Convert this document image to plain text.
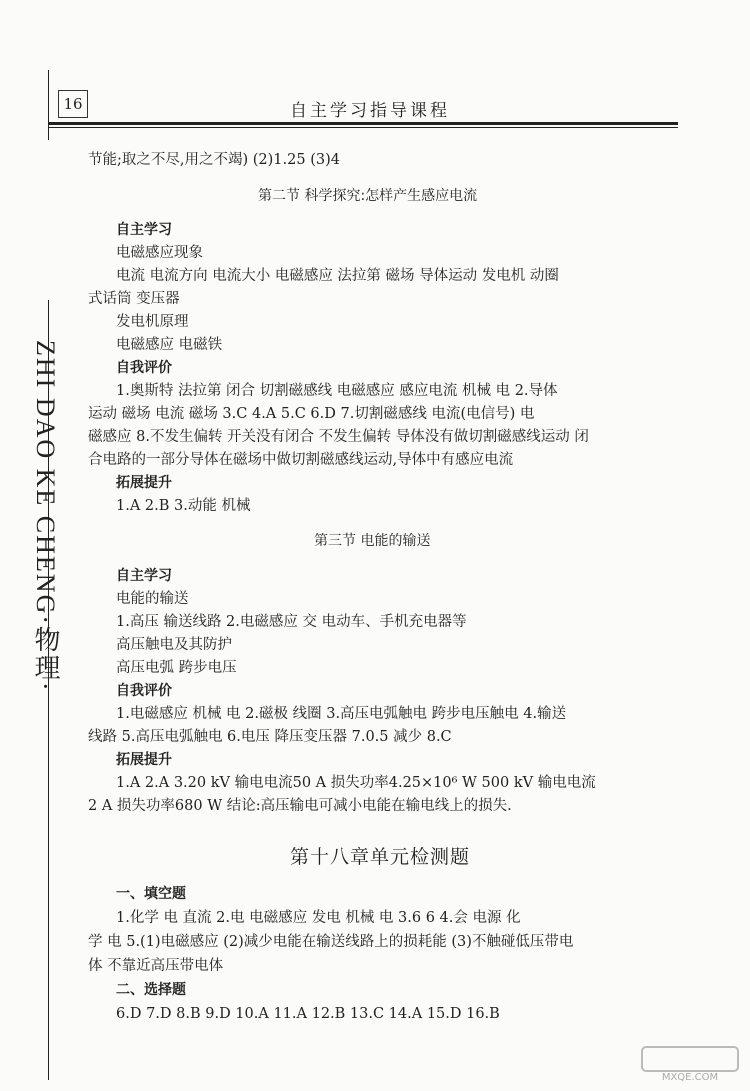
16	自主学习指导课程
ZHI DAO KE CHENG·物理·
节能;取之不尽,用之不竭) (2)1.25 (3)4
第二节 科学探究:怎样产生感应电流
自主学习
电磁感应现象
电流 电流方向 电流大小 电磁感应 法拉第 磁场 导体运动 发电机 动圈
式话筒 变压器
发电机原理
电磁感应 电磁铁
自我评价
1.奥斯特 法拉第 闭合 切割磁感线 电磁感应 感应电流 机械 电 2.导体
运动 磁场 电流 磁场 3.C 4.A 5.C 6.D 7.切割磁感线 电流(电信号) 电
磁感应 8.不发生偏转 开关没有闭合 不发生偏转 导体没有做切割磁感线运动 闭
合电路的一部分导体在磁场中做切割磁感线运动,导体中有感应电流
拓展提升
1.A 2.B 3.动能 机械
第三节 电能的输送
自主学习
电能的输送
1.高压 输送线路 2.电磁感应 交 电动车、手机充电器等
高压触电及其防护
高压电弧 跨步电压
自我评价
1.电磁感应 机械 电 2.磁极 线圈 3.高压电弧触电 跨步电压触电 4.输送
线路 5.高压电弧触电 6.电压 降压变压器 7.0.5 减少 8.C
拓展提升
1.A 2.A 3.20 kV 输电电流50 A 损失功率4.25×10⁶ W 500 kV 输电电流
2 A 损失功率680 W 结论:高压输电可减小电能在输电线上的损失.
第十八章单元检测题
一、填空题
1.化学 电 直流 2.电 电磁感应 发电 机械 电 3.6 6 4.会 电源 化
学 电 5.(1)电磁感应 (2)减少电能在输送线路上的损耗能 (3)不触碰低压带电
体 不靠近高压带电体
二、选择题
6.D 7.D 8.B 9.D 10.A 11.A 12.B 13.C 14.A 15.D 16.B
MXQE.COM
